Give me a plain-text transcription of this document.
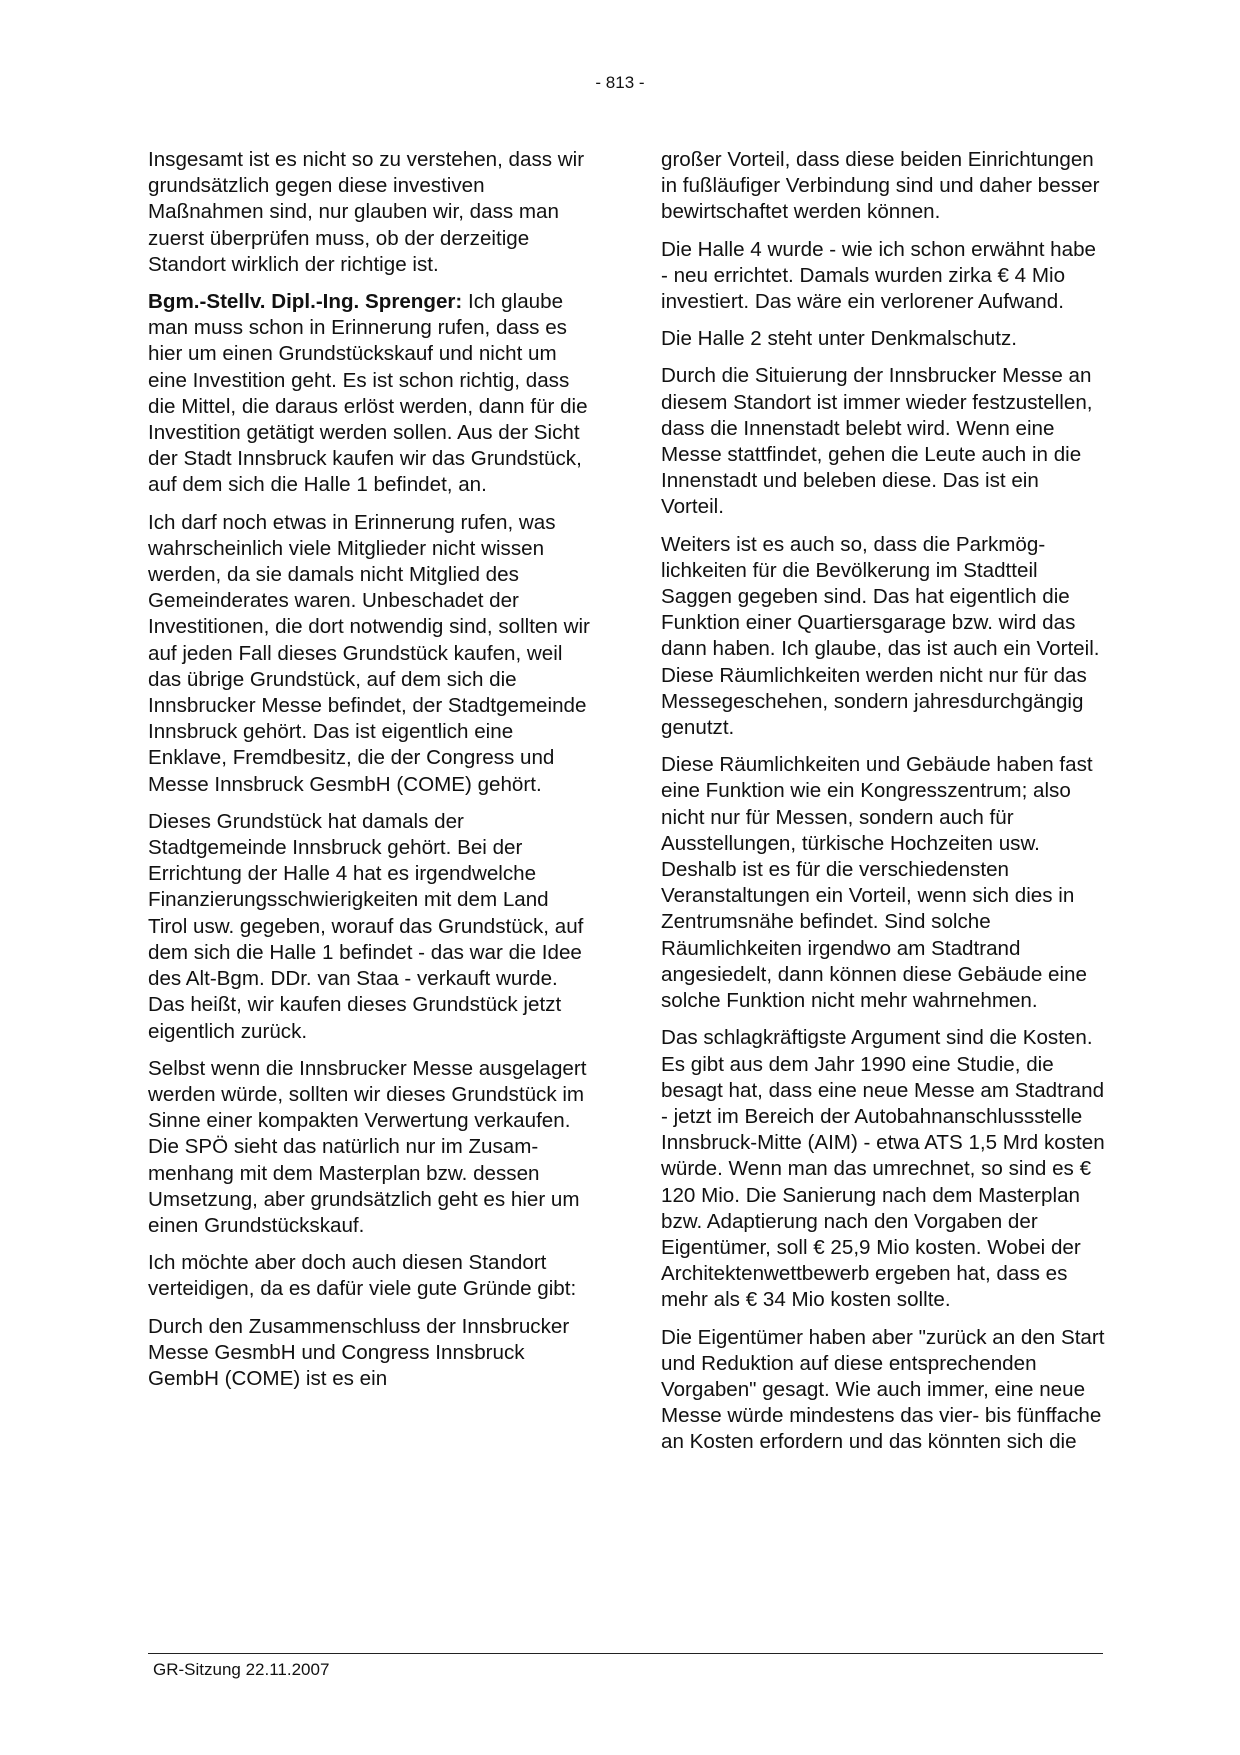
- 813 -

Insgesamt ist es nicht so zu verstehen, dass wir grundsätzlich gegen diese investiven Maßnahmen sind, nur glauben wir, dass man zuerst überprüfen muss, ob der derzeitige Standort wirklich der richtige ist.

Bgm.-Stellv. Dipl.-Ing. Sprenger: Ich glaube man muss schon in Erinnerung rufen, dass es hier um einen Grundstückskauf und nicht um eine Investition geht. Es ist schon richtig, dass die Mittel, die daraus erlöst werden, dann für die Investition getätigt werden sollen. Aus der Sicht der Stadt Innsbruck kaufen wir das Grundstück, auf dem sich die Halle 1 befindet, an.

Ich darf noch etwas in Erinnerung rufen, was wahrscheinlich viele Mitglieder nicht wissen werden, da sie damals nicht Mitglied des Gemeinderates waren. Unbeschadet der Investitionen, die dort notwendig sind, sollten wir auf jeden Fall dieses Grundstück kaufen, weil das übrige Grundstück, auf dem sich die Innsbrucker Messe befindet, der Stadtgemeinde Innsbruck gehört. Das ist eigentlich eine Enklave, Fremdbesitz, die der Congress und Messe Innsbruck GesmbH (COME) gehört.

Dieses Grundstück hat damals der Stadtgemeinde Innsbruck gehört. Bei der Errichtung der Halle 4 hat es irgendwelche Finanzierungsschwierigkeiten mit dem Land Tirol usw. gegeben, worauf das Grundstück, auf dem sich die Halle 1 befindet - das war die Idee des Alt-Bgm. DDr. van Staa - verkauft wurde. Das heißt, wir kaufen dieses Grundstück jetzt eigentlich zurück.

Selbst wenn die Innsbrucker Messe ausgelagert werden würde, sollten wir dieses Grundstück im Sinne einer kompakten Verwertung verkaufen. Die SPÖ sieht das natürlich nur im Zusammenhang mit dem Masterplan bzw. dessen Umsetzung, aber grundsätzlich geht es hier um einen Grundstückskauf.

Ich möchte aber doch auch diesen Standort verteidigen, da es dafür viele gute Gründe gibt:

Durch den Zusammenschluss der Innsbrucker Messe GesmbH und Congress Innsbruck GembH (COME) ist es ein

großer Vorteil, dass diese beiden Einrichtungen in fußläufiger Verbindung sind und daher besser bewirtschaftet werden können.

Die Halle 4 wurde - wie ich schon erwähnt habe - neu errichtet. Damals wurden zirka € 4 Mio investiert. Das wäre ein verlorener Aufwand.

Die Halle 2 steht unter Denkmalschutz.

Durch die Situierung der Innsbrucker Messe an diesem Standort ist immer wieder festzustellen, dass die Innenstadt belebt wird. Wenn eine Messe stattfindet, gehen die Leute auch in die Innenstadt und beleben diese. Das ist ein Vorteil.

Weiters ist es auch so, dass die Parkmöglichkeiten für die Bevölkerung im Stadtteil Saggen gegeben sind. Das hat eigentlich die Funktion einer Quartiersgarage bzw. wird das dann haben. Ich glaube, das ist auch ein Vorteil. Diese Räumlichkeiten werden nicht nur für das Messegeschehen, sondern jahresdurchgängig genutzt.

Diese Räumlichkeiten und Gebäude haben fast eine Funktion wie ein Kongresszentrum; also nicht nur für Messen, sondern auch für Ausstellungen, türkische Hochzeiten usw. Deshalb ist es für die verschiedensten Veranstaltungen ein Vorteil, wenn sich dies in Zentrumsnähe befindet. Sind solche Räumlichkeiten irgendwo am Stadtrand angesiedelt, dann können diese Gebäude eine solche Funktion nicht mehr wahrnehmen.

Das schlagkräftigste Argument sind die Kosten. Es gibt aus dem Jahr 1990 eine Studie, die besagt hat, dass eine neue Messe am Stadtrand - jetzt im Bereich der Autobahnanschlussstelle Innsbruck-Mitte (AIM) - etwa ATS 1,5 Mrd kosten würde. Wenn man das umrechnet, so sind es € 120 Mio. Die Sanierung nach dem Masterplan bzw. Adaptierung nach den Vorgaben der Eigentümer, soll € 25,9 Mio kosten. Wobei der Architektenwettbewerb ergeben hat, dass es mehr als € 34 Mio kosten sollte.

Die Eigentümer haben aber "zurück an den Start und Reduktion auf diese entsprechenden Vorgaben" gesagt. Wie auch immer, eine neue Messe würde mindestens das vier- bis fünffache an Kosten erfordern und das könnten sich die

GR-Sitzung 22.11.2007
